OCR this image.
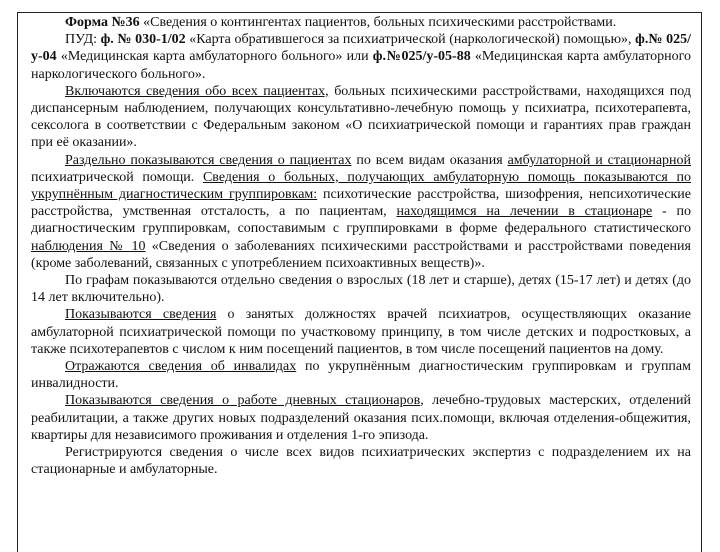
Форма №36 «Сведения о контингентах пациентов, больных психическими расстройствами.

ПУД: ф. № 030-1/02 «Карта обратившегося за психиатрической (наркологической) помощью», ф.№ 025/у-04 «Медицинская карта амбулаторного больного» или ф.№025/у-05-88 «Медицинская карта амбулаторного наркологического больного».

Включаются сведения обо всех пациентах, больных психическими расстройствами, находящихся под диспансерным наблюдением, получающих консультативно-лечебную помощь у психиатра, психотерапевта, сексолога в соответствии с Федеральным законом «О психиатрической помощи и гарантиях прав граждан при её оказании».

Раздельно показываются сведения о пациентах по всем видам оказания амбулаторной и стационарной психиатрической помощи. Сведения о больных, получающих амбулаторную помощь показываются по укрупнённым диагностическим группировкам: психотические расстройства, шизофрения, непсихотические расстройства, умственная отсталость, а по пациентам, находящимся на лечении в стационаре - по диагностическим группировкам, сопоставимым с группировками в форме федерального статистического наблюдения № 10 «Сведения о заболеваниях психическими расстройствами и расстройствами поведения (кроме заболеваний, связанных с употреблением психоактивных веществ)».

По графам показываются отдельно сведения о взрослых (18 лет и старше), детях (15-17 лет) и детях (до 14 лет включительно).

Показываются сведения о занятых должностях врачей психиатров, осуществляющих оказание амбулаторной психиатрической помощи по участковому принципу, в том числе детских и подростковых, а также психотерапевтов с числом к ним посещений пациентов, в том числе посещений пациентов на дому.

Отражаются сведения об инвалидах по укрупнённым диагностическим группировкам и группам инвалидности.

Показываются сведения о работе дневных стационаров, лечебно-трудовых мастерских, отделений реабилитации, а также других новых подразделений оказания псих.помощи, включая отделения-общежития, квартиры для независимого проживания и отделения 1-го эпизода.

Регистрируются сведения о числе всех видов психиатрических экспертиз с подразделением их на стационарные и амбулаторные.
